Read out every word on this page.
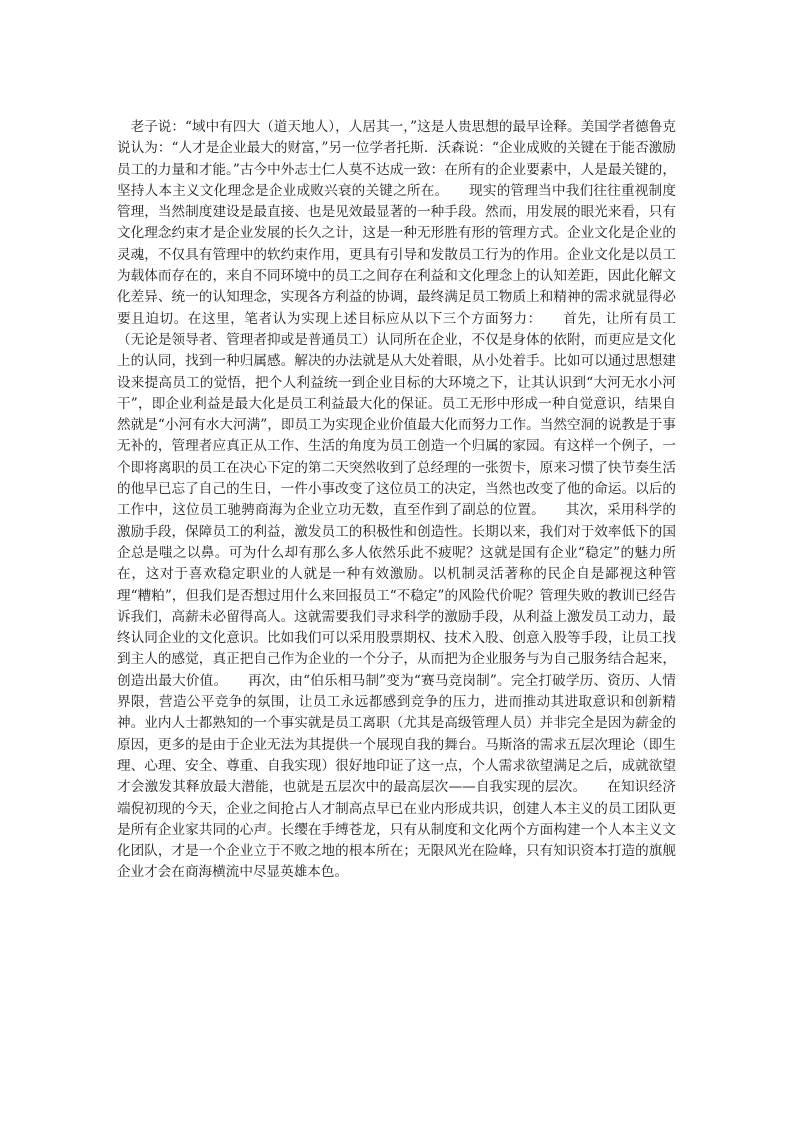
老子说：“域中有四大（道天地人），人居其一，”这是人贵思想的最早诠释。美国学者德鲁克说认为：“人才是企业最大的财富，”另一位学者托斯．沃森说：“企业成败的关键在于能否激励员工的力量和才能。”古今中外志士仁人莫不达成一致：在所有的企业要素中，人是最关键的，坚持人本主义文化理念是企业成败兴衰的关键之所在。　　现实的管理当中我们往往重视制度管理，当然制度建设是最直接、也是见效最显著的一种手段。然而，用发展的眼光来看，只有文化理念约束才是企业发展的长久之计，这是一种无形胜有形的管理方式。企业文化是企业的灵魂，不仅具有管理中的软约束作用，更具有引导和发散员工行为的作用。企业文化是以员工为载体而存在的，来自不同环境中的员工之间存在利益和文化理念上的认知差距，因此化解文化差异、统一的认知理念，实现各方利益的协调，最终满足员工物质上和精神的需求就显得必要且迫切。在这里，笔者认为实现上述目标应从以下三个方面努力：　　首先，让所有员工（无论是领导者、管理者抑或是普通员工）认同所在企业，不仅是身体的依附，而更应是文化上的认同，找到一种归属感。解决的办法就是从大处着眼，从小处着手。比如可以通过思想建设来提高员工的觉悟，把个人利益统一到企业目标的大环境之下，让其认识到“大河无水小河干”，即企业利益是最大化是员工利益最大化的保证。员工无形中形成一种自觉意识，结果自然就是“小河有水大河满”，即员工为实现企业价值最大化而努力工作。当然空洞的说教是于事无补的，管理者应真正从工作、生活的角度为员工创造一个归属的家园。有这样一个例子，一个即将离职的员工在决心下定的第二天突然收到了总经理的一张贺卡，原来习惯了快节奏生活的他早已忘了自己的生日，一件小事改变了这位员工的决定，当然也改变了他的命运。以后的工作中，这位员工驰骋商海为企业立功无数，直至作到了副总的位置。　　其次，采用科学的激励手段，保障员工的利益，激发员工的积极性和创造性。长期以来，我们对于效率低下的国企总是嗤之以鼻。可为什么却有那么多人依然乐此不疲呢？这就是国有企业“稳定”的魅力所在，这对于喜欢稳定职业的人就是一种有效激励。以机制灵活著称的民企自是鄙视这种管理“糟粕”，但我们是否想过用什么来回报员工“不稳定”的风险代价呢？管理失败的教训已经告诉我们，高薪未必留得高人。这就需要我们寻求科学的激励手段，从利益上激发员工动力，最终认同企业的文化意识。比如我们可以采用股票期权、技术入股、创意入股等手段，让员工找到主人的感觉，真正把自己作为企业的一个分子，从而把为企业服务与为自己服务结合起来，创造出最大价值。　　再次，由“伯乐相马制”变为“赛马竞岗制”。完全打破学历、资历、人情界限，营造公平竞争的氛围，让员工永远都感到竞争的压力，进而推动其进取意识和创新精神。业内人士都熟知的一个事实就是员工离职（尤其是高级管理人员）并非完全是因为薪金的原因，更多的是由于企业无法为其提供一个展现自我的舞台。马斯洛的需求五层次理论（即生理、心理、安全、尊重、自我实现）很好地印证了这一点，个人需求欲望满足之后，成就欲望才会激发其释放最大潜能，也就是五层次中的最高层次——自我实现的层次。　　在知识经济端倪初现的今天，企业之间抢占人才制高点早已在业内形成共识，创建人本主义的员工团队更是所有企业家共同的心声。长缨在手缚苍龙，只有从制度和文化两个方面构建一个人本主义文化团队，才是一个企业立于不败之地的根本所在；无限风光在险峰，只有知识资本打造的旗舰企业才会在商海横流中尽显英雄本色。
